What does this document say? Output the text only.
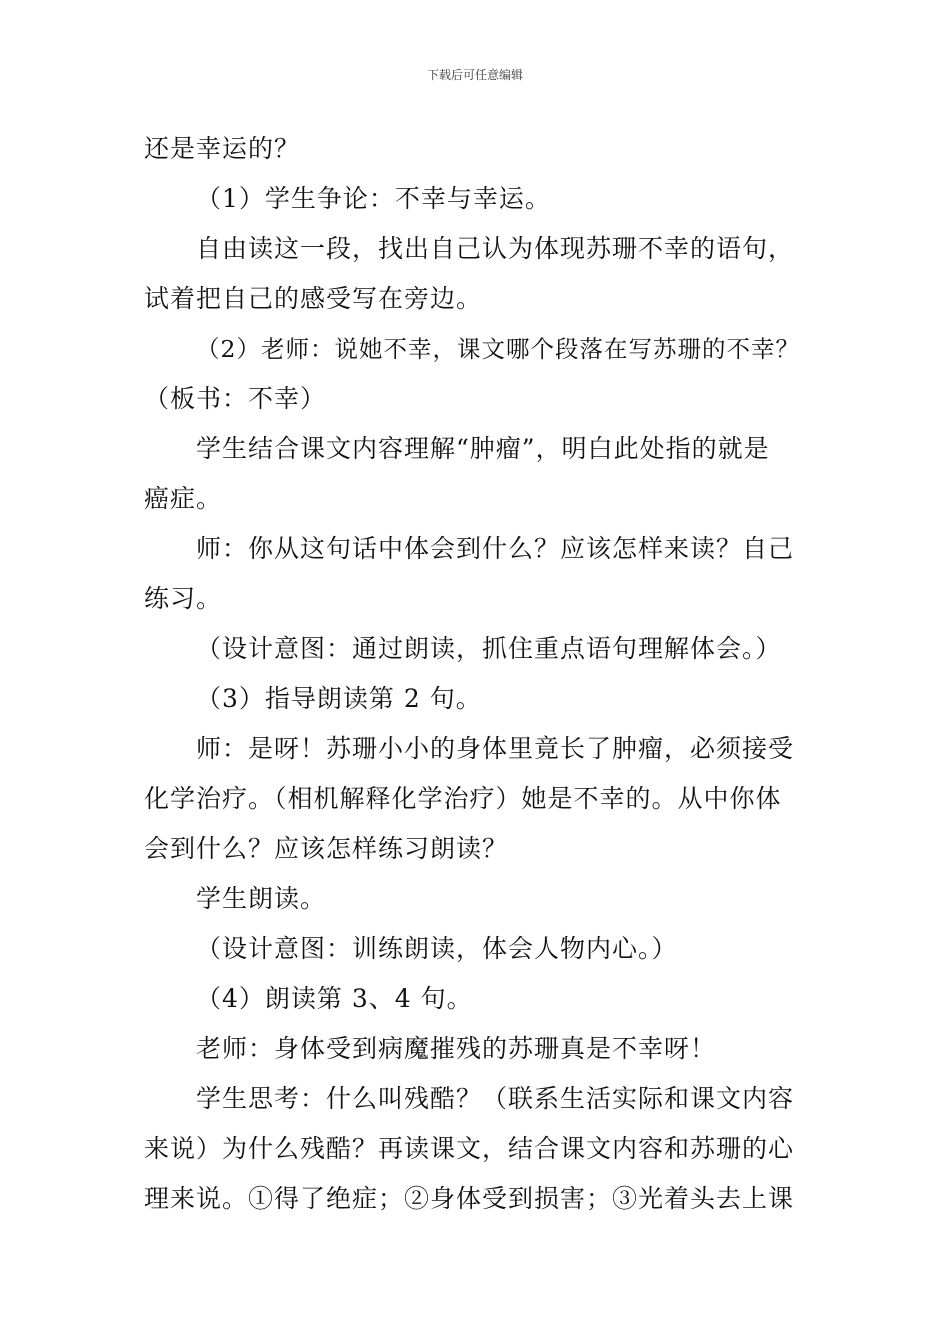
下载后可任意编辑
还是幸运的？
（1）学生争论：不幸与幸运。
自由读这一段，找出自己认为体现苏珊不幸的语句，
试着把自己的感受写在旁边。
（2）老师：说她不幸，课文哪个段落在写苏珊的不幸？
（板书：不幸）
学生结合课文内容理解“肿瘤”，明白此处指的就是
癌症。
师：你从这句话中体会到什么？应该怎样来读？自己
练习。
（设计意图：通过朗读，抓住重点语句理解体会。）
（3）指导朗读第 2 句。
师：是呀！苏珊小小的身体里竟长了肿瘤，必须接受
化学治疗。（相机解释化学治疗）她是不幸的。从中你体
会到什么？应该怎样练习朗读？
学生朗读。
（设计意图：训练朗读，体会人物内心。）
（4）朗读第 3、4 句。
老师：身体受到病魔摧残的苏珊真是不幸呀！
学生思考：什么叫残酷？（联系生活实际和课文内容
来说）为什么残酷？再读课文，结合课文内容和苏珊的心
理来说。①得了绝症；②身体受到损害；③光着头去上课
